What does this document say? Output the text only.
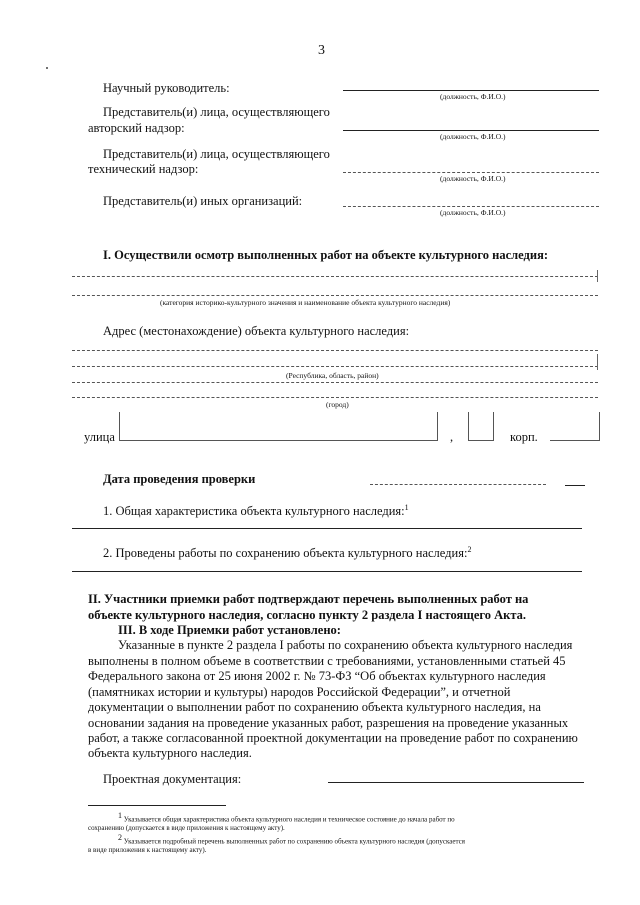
3
Научный руководитель:
(должность, Ф.И.О.)
Представитель(и) лица, осуществляющего
авторский надзор:
(должность, Ф.И.О.)
Представитель(и) лица, осуществляющего
технический надзор:
(должность, Ф.И.О.)
Представитель(и) иных организаций:
(должность, Ф.И.О.)
I. Осуществили осмотр выполненных работ на объекте культурного наследия:
(категория историко-культурного значения и наименование объекта культурного наследия)
Адрес (местонахождение) объекта культурного наследия:
(Республика, область, район)
(город)
улица	,	корп.
Дата проведения проверки
1. Общая характеристика объекта культурного наследия:$^1$
2. Проведены работы по сохранению объекта культурного наследия:$^2$
II. Участники приемки работ подтверждают перечень выполненных работ на
объекте культурного наследия, согласно пункту 2 раздела I настоящего Акта.
III. В ходе Приемки работ установлено:
Указанные в пункте 2 раздела I работы по сохранению объекта культурного наследия
выполнены в полном объеме в соответствии с требованиями, установленными статьей 45
Федерального закона от 25 июня 2002 г. № 73-ФЗ “Об объектах культурного наследия
(памятниках истории и культуры) народов Российской Федерации”, и отчетной
документации о выполнении работ по сохранению объекта культурного наследия, на
основании задания на проведение указанных работ, разрешения на проведение указанных
работ, а также согласованной проектной документации на проведение работ по сохранению
объекта культурного наследия.
Проектная документация:
$^1$ Указывается общая характеристика объекта культурного наследия и техническое состояние до начала работ по
сохранению (допускается в виде приложения к настоящему акту).
$^2$ Указывается подробный перечень выполненных работ по сохранению объекта культурного наследия (допускается
в виде приложения к настоящему акту).
